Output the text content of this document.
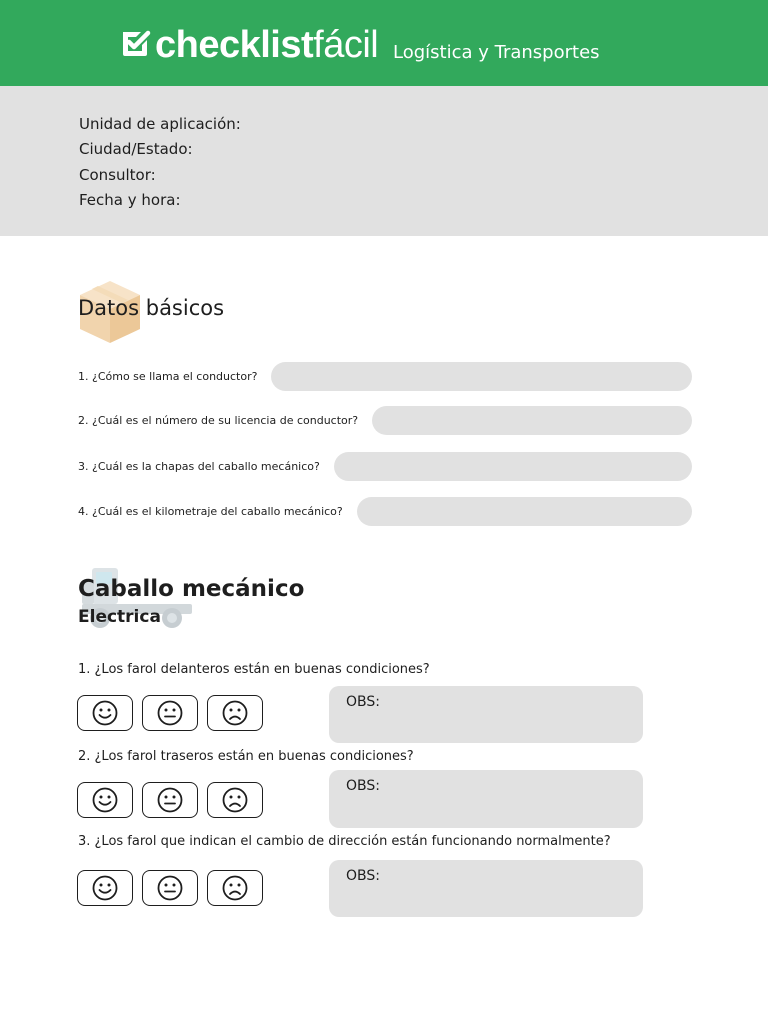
checklist fácil Logística y Transportes
Unidad de aplicación:
Ciudad/Estado:
Consultor:
Fecha y hora:
Datos básicos
1. ¿Cómo se llama el conductor?
2. ¿Cuál es el número de su licencia de conductor?
3. ¿Cuál es la chapas del caballo mecánico?
4. ¿Cuál es el kilometraje del caballo mecánico?
Caballo mecánico
Electrica
1. ¿Los farol delanteros están en buenas condiciones?
OBS:
2. ¿Los farol traseros están en buenas condiciones?
OBS:
3. ¿Los farol que indican el cambio de dirección están funcionando normalmente?
OBS:
